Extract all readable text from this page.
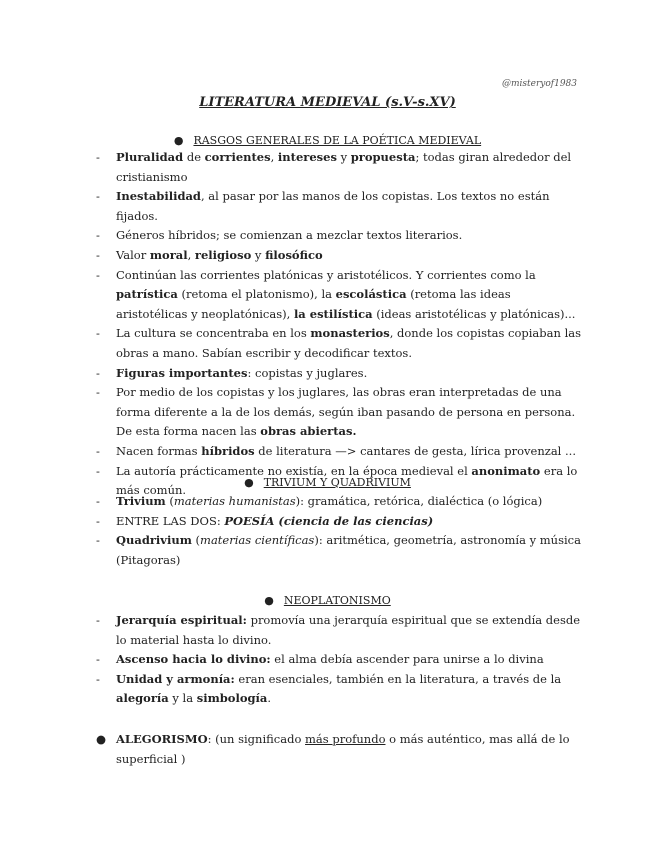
@misteryof1983
LITERATURA MEDIEVAL (s.V-s.XV)
● RASGOS GENERALES DE LA POÉTICA MEDIEVAL
- Pluralidad de corrientes, intereses y propuesta; todas giran alrededor del cristianismo
- Inestabilidad, al pasar por las manos de los copistas. Los textos no están fijados.
- Géneros híbridos; se comienzan a mezclar textos literarios.
- Valor moral, religioso y filosófico
- Continúan las corrientes platónicas y aristotélicos. Y corrientes como la patrística (retoma el platonismo), la escolástica (retoma las ideas aristotélicas y neoplatónicas), la estilística (ideas aristotélicas y platónicas)...
- La cultura se concentraba en los monasterios, donde los copistas copiaban las obras a mano. Sabían escribir y decodificar textos.
- Figuras importantes: copistas y juglares.
- Por medio de los copistas y los juglares, las obras eran interpretadas de una forma diferente a la de los demás, según iban pasando de persona en persona. De esta forma nacen las obras abiertas.
- Nacen formas híbridos de literatura —> cantares de gesta, lírica provenzal ...
- La autoría prácticamente no existía, en la época medieval el anonimato era lo más común.
● TRIVIUM Y QUADRIVIUM
- Trivium (materias humanistas): gramática, retórica, dialéctica (o lógica)
- ENTRE LAS DOS: POESÍA (ciencia de las ciencias)
- Quadrivium (materias científicas): aritmética, geometría, astronomía y música (Pitagoras)
● NEOPLATONISMO
- Jerarquía espiritual: promovía una jerarquía espiritual que se extendía desde lo material hasta lo divino.
- Ascenso hacia lo divino: el alma debía ascender para unirse a lo divina
- Unidad y armonía: eran esenciales, también en la literatura, a través de la alegoría y la simbología.
● ALEGORISMO: (un significado más profundo o más auténtico, mas allá de lo superficial )
